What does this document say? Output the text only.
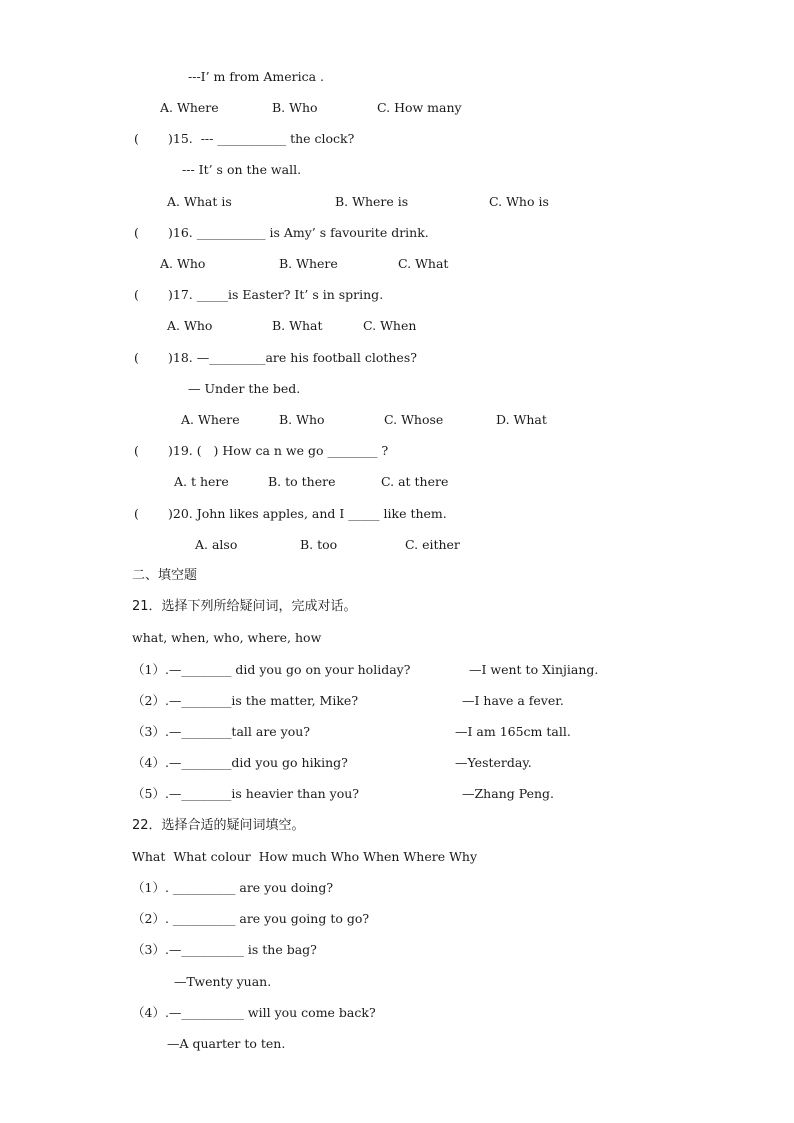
---I’ m from America .
A. Where	B. Who	C. How many
( )15.  --- ___________ the clock?
--- It’ s on the wall.
A. What is	B. Where is	C. Who is
( )16. ___________ is Amy’ s favourite drink.
A. Who	B. Where	C. What
( )17. _____is Easter? It’ s in spring.
A. Who	B. What	C. When
( )18. —_________are his football clothes?
— Under the bed.
A. Where	B. Who	C. Whose	D. What
( )19. (   ) How ca n we go ________ ?
A. t here	B. to there	C. at there
( )20. John likes apples, and I _____ like them.
A. also	B. too	C. either
二、填空题
21．选择下列所给疑问词，完成对话。
what, when, who, where, how
（1）.—________ did you go on your holiday?	—I went to Xinjiang.
（2）.—________is the matter, Mike?	—I have a fever.
（3）.—________tall are you?	—I am 165cm tall.
（4）.—________did you go hiking?	—Yesterday.
（5）.—________is heavier than you?	—Zhang Peng.
22．选择合适的疑问词填空。
What  What colour  How much Who When Where Why
（1）. __________ are you doing?
（2）. __________ are you going to go?
（3）.—__________ is the bag?
—Twenty yuan.
（4）.—__________ will you come back?
—A quarter to ten.
